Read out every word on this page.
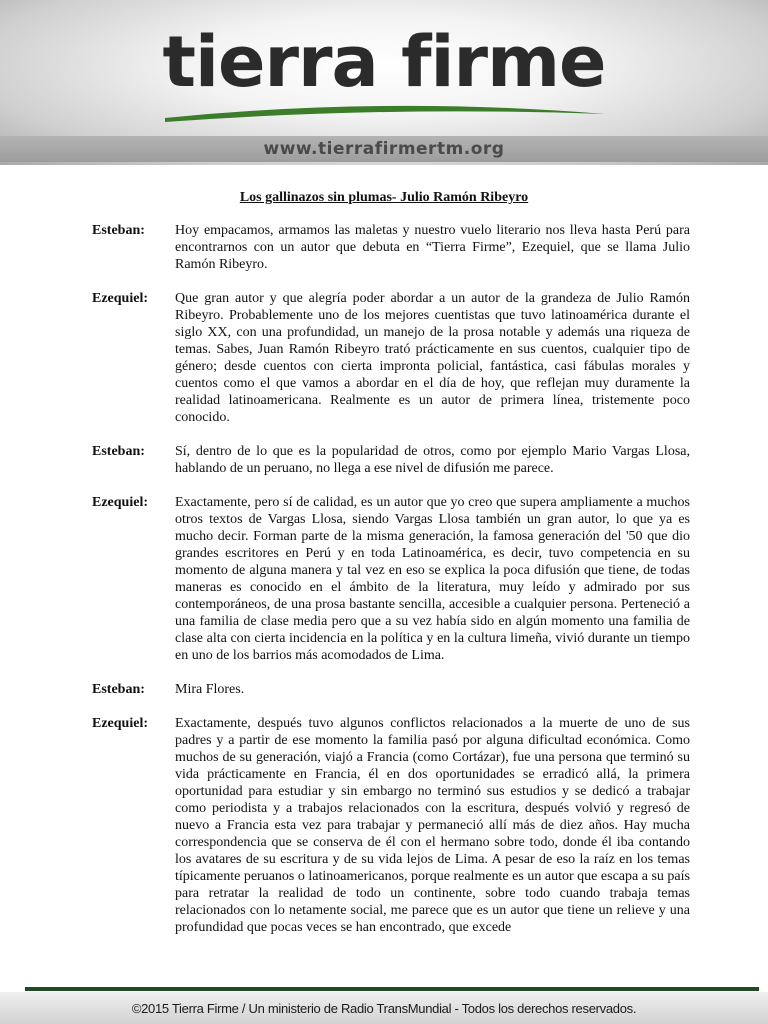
tierra firme
www.tierrafirmertm.org
Los gallinazos sin plumas- Julio Ramón Ribeyro
Esteban:	Hoy empacamos, armamos las maletas y nuestro vuelo literario nos lleva hasta Perú para encontrarnos con un autor que debuta en “Tierra Firme”, Ezequiel, que se llama Julio Ramón Ribeyro.
Ezequiel:	Que gran autor y que alegría poder abordar a un autor de la grandeza de Julio Ramón Ribeyro. Probablemente uno de los mejores cuentistas que tuvo latinoamérica durante el siglo XX, con una profundidad, un manejo de la prosa notable y además una riqueza de temas. Sabes, Juan Ramón Ribeyro trató prácticamente en sus cuentos, cualquier tipo de género; desde cuentos con cierta impronta policial, fantástica, casi fábulas morales y cuentos como el que vamos a abordar en el día de hoy, que reflejan muy duramente la realidad latinoamericana. Realmente es un autor de primera línea, tristemente poco conocido.
Esteban:	Sí, dentro de lo que es la popularidad de otros, como por ejemplo Mario Vargas Llosa, hablando de un peruano, no llega a ese nivel de difusión me parece.
Ezequiel:	Exactamente, pero sí de calidad, es un autor que yo creo que supera ampliamente a muchos otros textos de Vargas Llosa, siendo Vargas Llosa también un gran autor, lo que ya es mucho decir. Forman parte de la misma generación, la famosa generación del '50 que dio grandes escritores en Perú y en toda Latinoamérica, es decir, tuvo competencia en su momento de alguna manera y tal vez en eso se explica la poca difusión que tiene, de todas maneras es conocido en el ámbito de la literatura, muy leído y admirado por sus contemporáneos, de una prosa bastante sencilla, accesible a cualquier persona. Perteneció a una familia de clase media pero que a su vez había sido en algún momento una familia de clase alta con cierta incidencia en la política y en la cultura limeña, vivió durante un tiempo en uno de los barrios más acomodados de Lima.
Esteban:	Mira Flores.
Ezequiel:	Exactamente, después tuvo algunos conflictos relacionados a la muerte de uno de sus padres y a partir de ese momento la familia pasó por alguna dificultad económica. Como muchos de su generación, viajó a Francia (como Cortázar), fue una persona que terminó su vida prácticamente en Francia, él en dos oportunidades se erradicó allá, la primera oportunidad para estudiar y sin embargo no terminó sus estudios y se dedicó a trabajar como periodista y a trabajos relacionados con la escritura, después volvió y regresó de nuevo a Francia esta vez para trabajar y permaneció allí más de diez años. Hay mucha correspondencia que se conserva de él con el hermano sobre todo, donde él iba contando los avatares de su escritura y de su vida lejos de Lima. A pesar de eso la raíz en los temas típicamente peruanos o latinoamericanos, porque realmente es un autor que escapa a su país para retratar la realidad de todo un continente, sobre todo cuando trabaja temas relacionados con lo netamente social, me parece que es un autor que tiene un relieve y una profundidad que pocas veces se han encontrado, que excede
©2015 Tierra Firme / Un ministerio de Radio TransMundial - Todos los derechos reservados.
